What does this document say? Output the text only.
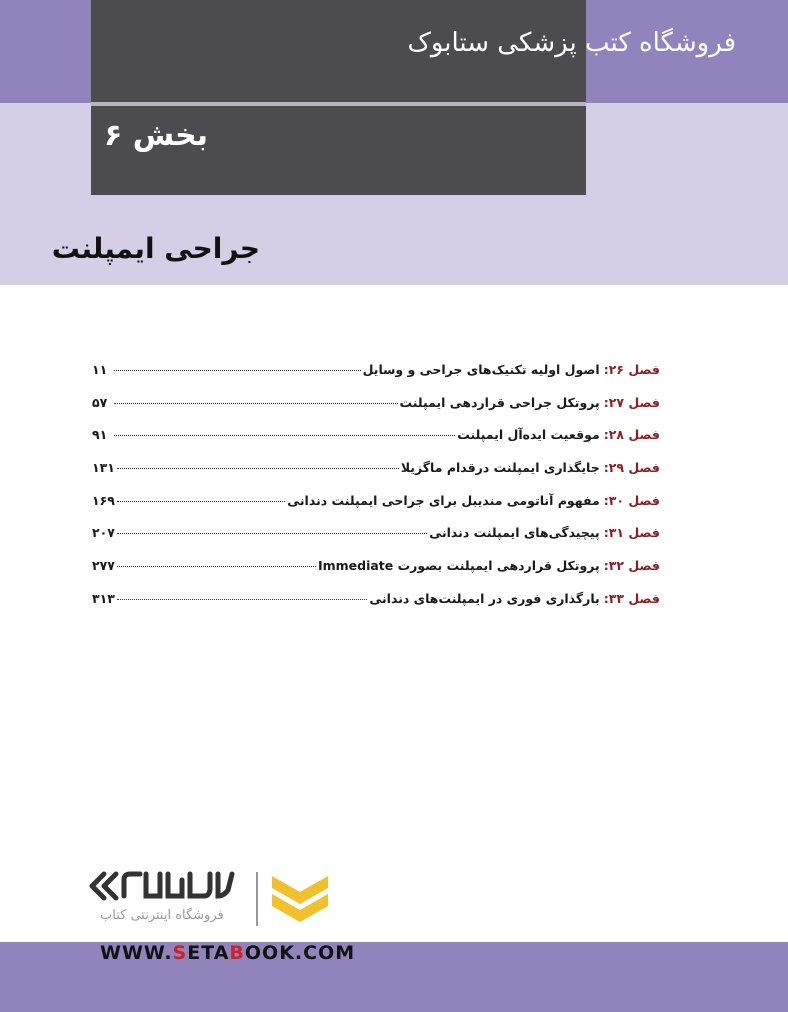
فروشگاه کتب پزشکی ستابوک
بخش ۶
جراحی ایمپلنت
فصل ۲۶:
اصول اولیه تکنیک‌های جراحی و وسایل
۱۱
فصل ۲۷:
پروتکل جراحی قراردهی ایمپلنت
۵۷
فصل ۲۸:
موقعیت ایده‌آل ایمپلنت
۹۱
فصل ۲۹:
جایگذاری ایمپلنت درقدام ماگزیلا
۱۳۱
فصل ۳۰:
مفهوم آناتومی مندیبل برای جراحی ایمپلنت دندانی
۱۶۹
فصل ۳۱:
پیچیدگی‌های ایمپلنت دندانی
۲۰۷
فصل ۳۲:
پروتکل قراردهی ایمپلنت بصورت Immediate
۲۷۷
فصل ۳۳:
بارگذاری فوری در ایمپلنت‌های دندانی
۳۱۳
فروشگاه اینترنتی کتاب
WWW.SETABOOK.COM
